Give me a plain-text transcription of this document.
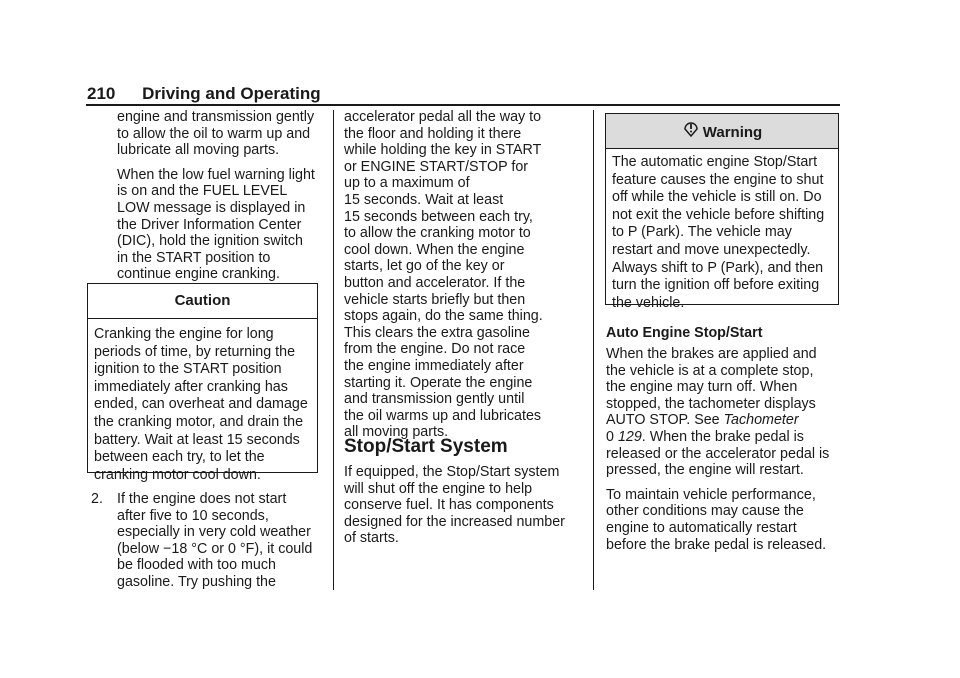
210 Driving and Operating

engine and transmission gently
to allow the oil to warm up and
lubricate all moving parts.

When the low fuel warning light
is on and the FUEL LEVEL
LOW message is displayed in
the Driver Information Center
(DIC), hold the ignition switch
in the START position to
continue engine cranking.

Caution
Cranking the engine for long
periods of time, by returning the
ignition to the START position
immediately after cranking has
ended, can overheat and damage
the cranking motor, and drain the
battery. Wait at least 15 seconds
between each try, to let the
cranking motor cool down.
2. If the engine does not start
after five to 10 seconds,
especially in very cold weather
(below −18 °C or 0 °F), it could
be flooded with too much
gasoline. Try pushing the

accelerator pedal all the way to
the floor and holding it there
while holding the key in START
or ENGINE START/STOP for
up to a maximum of
15 seconds. Wait at least
15 seconds between each try,
to allow the cranking motor to
cool down. When the engine
starts, let go of the key or
button and accelerator. If the
vehicle starts briefly but then
stops again, do the same thing.
This clears the extra gasoline
from the engine. Do not race
the engine immediately after
starting it. Operate the engine
and transmission gently until
the oil warms up and lubricates
all moving parts.

Stop/Start System

If equipped, the Stop/Start system
will shut off the engine to help
conserve fuel. It has components
designed for the increased number
of starts.

Warning
The automatic engine Stop/Start
feature causes the engine to shut
off while the vehicle is still on. Do
not exit the vehicle before shifting
to P (Park). The vehicle may
restart and move unexpectedly.
Always shift to P (Park), and then
turn the ignition off before exiting
the vehicle.
Auto Engine Stop/Start

When the brakes are applied and
the vehicle is at a complete stop,
the engine may turn off. When
stopped, the tachometer displays
AUTO STOP. See Tachometer
0 129. When the brake pedal is
released or the accelerator pedal is
pressed, the engine will restart.

To maintain vehicle performance,
other conditions may cause the
engine to automatically restart
before the brake pedal is released.
